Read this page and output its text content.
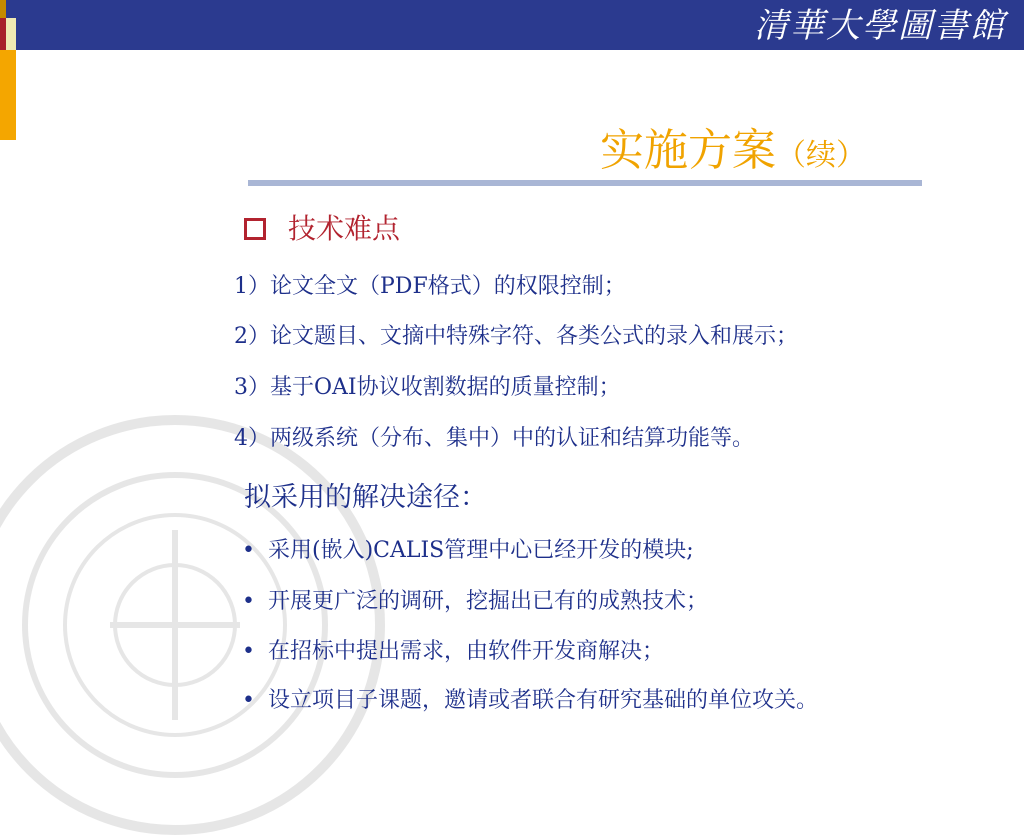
清華大學圖書館
实施方案（续）
技术难点
1）论文全文（PDF格式）的权限控制；
2）论文题目、文摘中特殊字符、各类公式的录入和展示；
3）基于OAI协议收割数据的质量控制；
4）两级系统（分布、集中）中的认证和结算功能等。
拟采用的解决途径：
• 采用(嵌入)CALIS管理中心已经开发的模块;
• 开展更广泛的调研，挖掘出已有的成熟技术；
• 在招标中提出需求，由软件开发商解决；
• 设立项目子课题，邀请或者联合有研究基础的单位攻关。
